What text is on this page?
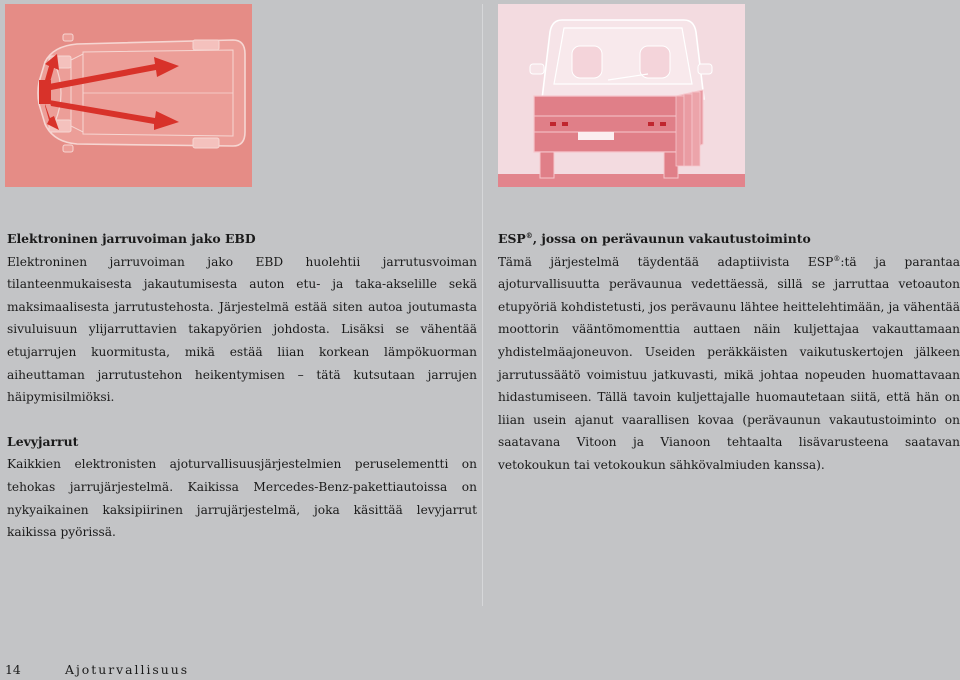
Elektroninen jarruvoiman jako EBD

Elektroninen jarruvoiman jako EBD huolehtii jarrutusvoiman tilanteenmukaisesta jakautumisesta auton etu- ja taka-akselille sekä maksimaalisesta jarrutustehosta. Järjestelmä estää siten autoa joutumasta sivuluisuun ylijarruttavien takapyörien johdosta. Lisäksi se vähentää etujarrujen kuormitusta, mikä estää liian korkean lämpökuorman aiheuttaman jarrutustehon heikentymisen – tätä kutsutaan jarrujen häipymisilmiöksi.

Levyjarrut

Kaikkien elektronisten ajoturvallisuusjärjestelmien peruselementti on tehokas jarrujärjestelmä. Kaikissa Mercedes-Benz-pakettiautoissa on nykyaikainen kaksipiirinen jarrujärjestelmä, joka käsittää levyjarrut kaikissa pyörissä.

ESP®, jossa on perävaunun vakautustoiminto

Tämä järjestelmä täydentää adaptiivista ESP®:tä ja parantaa ajoturvallisuutta perävaunua vedettäessä, sillä se jarruttaa vetoauton etupyöriä kohdistetusti, jos perävaunu lähtee heittelehtimään, ja vähentää moottorin vääntömomenttia auttaen näin kuljettajaa vakauttamaan yhdistelmäajoneuvon. Useiden peräkkäisten vaikutuskertojen jälkeen jarrutussäätö voimistuu jatkuvasti, mikä johtaa nopeuden huomattavaan hidastumiseen. Tällä tavoin kuljettajalle huomautetaan siitä, että hän on liian usein ajanut vaarallisen kovaa (perävaunun vakautustoiminto on saatavana Vitoon ja Vianoon tehtaalta lisävarusteena saatavan vetokoukun tai vetokoukun sähkövalmiuden kanssa).

14	Ajoturvallisuus
